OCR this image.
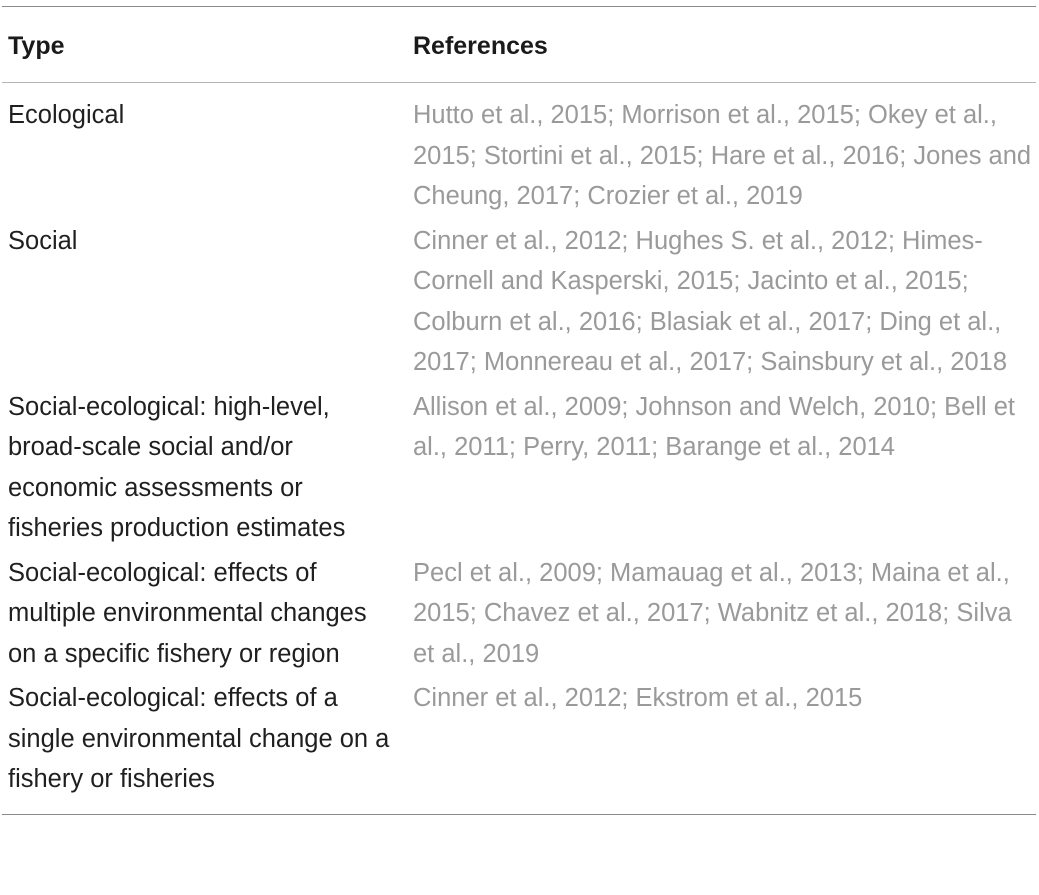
Type	References
Ecological	Hutto et al., 2015; Morrison et al., 2015; Okey et al., 2015; Stortini et al., 2015; Hare et al., 2016; Jones and Cheung, 2017; Crozier et al., 2019
Social	Cinner et al., 2012; Hughes S. et al., 2012; Himes-Cornell and Kasperski, 2015; Jacinto et al., 2015; Colburn et al., 2016; Blasiak et al., 2017; Ding et al., 2017; Monnereau et al., 2017; Sainsbury et al., 2018
Social-ecological: high-level, broad-scale social and/or economic assessments or fisheries production estimates	Allison et al., 2009; Johnson and Welch, 2010; Bell et al., 2011; Perry, 2011; Barange et al., 2014
Social-ecological: effects of multiple environmental changes on a specific fishery or region	Pecl et al., 2009; Mamauag et al., 2013; Maina et al., 2015; Chavez et al., 2017; Wabnitz et al., 2018; Silva et al., 2019
Social-ecological: effects of a single environmental change on a fishery or fisheries	Cinner et al., 2012; Ekstrom et al., 2015
